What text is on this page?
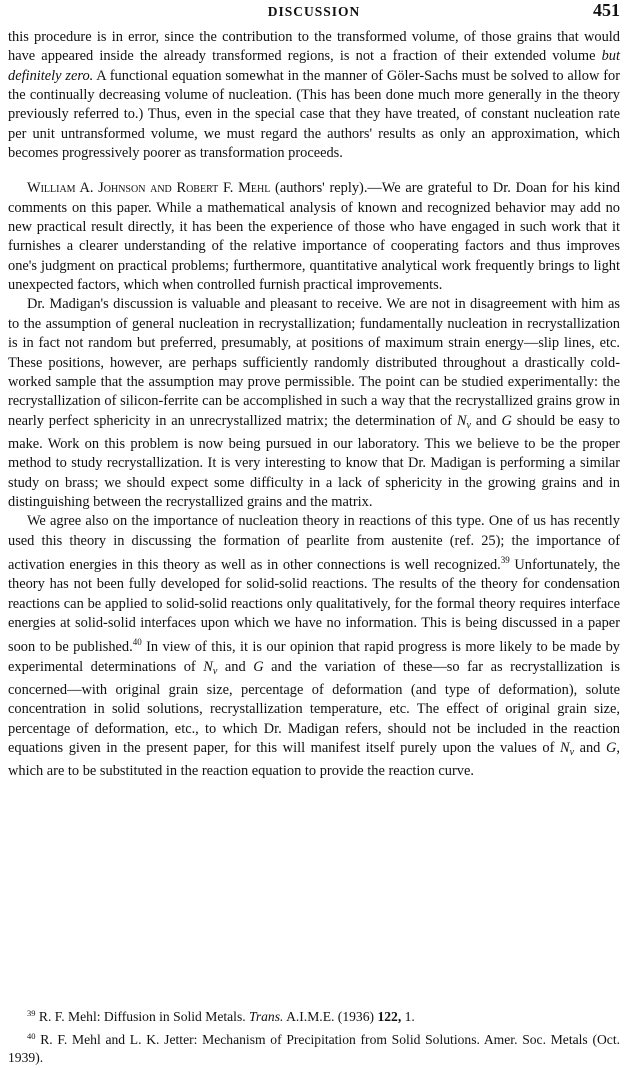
DISCUSSION	451

this procedure is in error, since the contribution to the transformed volume, of those grains that would have appeared inside the already transformed regions, is not a fraction of their extended volume but definitely zero. A functional equation somewhat in the manner of Göler-Sachs must be solved to allow for the continually decreasing volume of nucleation. (This has been done much more generally in the theory previously referred to.) Thus, even in the special case that they have treated, of constant nucleation rate per unit untransformed volume, we must regard the authors' results as only an approximation, which becomes progressively poorer as transformation proceeds.

William A. Johnson and Robert F. Mehl (authors' reply).—We are grateful to Dr. Doan for his kind comments on this paper. While a mathematical analysis of known and recognized behavior may add no new practical result directly, it has been the experience of those who have engaged in such work that it furnishes a clearer understanding of the relative importance of cooperating factors and thus improves one's judgment on practical problems; furthermore, quantitative analytical work frequently brings to light unexpected factors, which when controlled furnish practical improvements.

Dr. Madigan's discussion is valuable and pleasant to receive. We are not in disagreement with him as to the assumption of general nucleation in recrystallization; fundamentally nucleation in recrystallization is in fact not random but preferred, presumably, at positions of maximum strain energy—slip lines, etc. These positions, however, are perhaps sufficiently randomly distributed throughout a drastically cold-worked sample that the assumption may prove permissible. The point can be studied experimentally: the recrystallization of silicon-ferrite can be accomplished in such a way that the recrystallized grains grow in nearly perfect sphericity in an unrecrystallized matrix; the determination of $N_v$ and G should be easy to make. Work on this problem is now being pursued in our laboratory. This we believe to be the proper method to study recrystallization. It is very interesting to know that Dr. Madigan is performing a similar study on brass; we should expect some difficulty in a lack of sphericity in the growing grains and in distinguishing between the recrystallized grains and the matrix.

We agree also on the importance of nucleation theory in reactions of this type. One of us has recently used this theory in discussing the formation of pearlite from austenite (ref. 25); the importance of activation energies in this theory as well as in other connections is well recognized.$^{39}$ Unfortunately, the theory has not been fully developed for solid-solid reactions. The results of the theory for condensation reactions can be applied to solid-solid reactions only qualitatively, for the formal theory requires interface energies at solid-solid interfaces upon which we have no information. This is being discussed in a paper soon to be published.$^{40}$ In view of this, it is our opinion that rapid progress is more likely to be made by experimental determinations of $N_v$ and G and the variation of these—so far as recrystallization is concerned—with original grain size, percentage of deformation (and type of deformation), solute concentration in solid solutions, recrystallization temperature, etc. The effect of original grain size, percentage of deformation, etc., to which Dr. Madigan refers, should not be included in the reaction equations given in the present paper, for this will manifest itself purely upon the values of $N_v$ and G, which are to be substituted in the reaction equation to provide the reaction curve.

$^{39}$ R. F. Mehl: Diffusion in Solid Metals. Trans. A.I.M.E. (1936) 122, 1.

$^{40}$ R. F. Mehl and L. K. Jetter: Mechanism of Precipitation from Solid Solutions. Amer. Soc. Metals (Oct. 1939).
